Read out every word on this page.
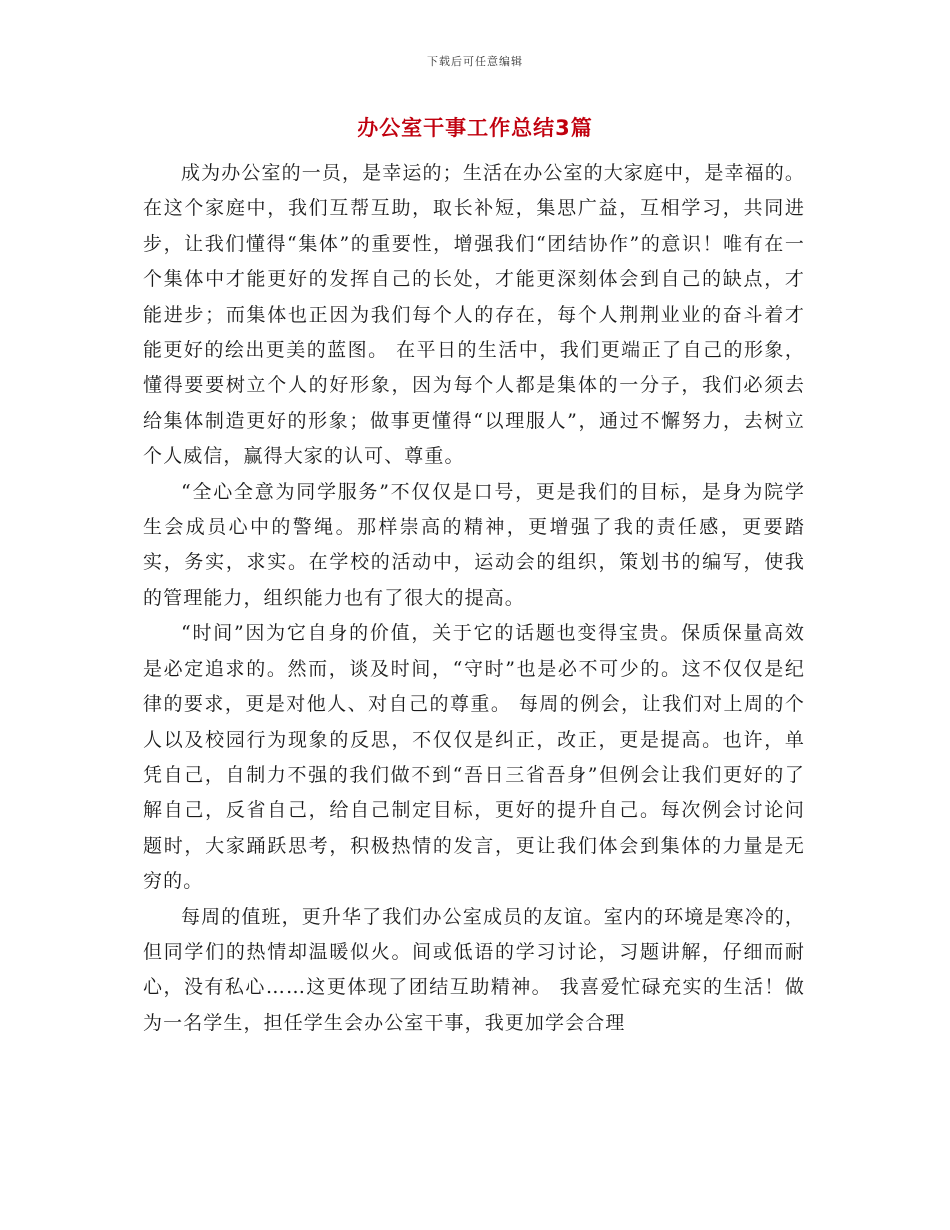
下载后可任意编辑
办公室干事工作总结3篇

成为办公室的一员，是幸运的；生活在办公室的大家庭中，是幸福的。在这个家庭中，我们互帮互助，取长补短，集思广益，互相学习，共同进步，让我们懂得“集体”的重要性，增强我们“团结协作”的意识！唯有在一个集体中才能更好的发挥自己的长处，才能更深刻体会到自己的缺点，才能进步；而集体也正因为我们每个人的存在，每个人荆荆业业的奋斗着才能更好的绘出更美的蓝图。 在平日的生活中，我们更端正了自己的形象，懂得要要树立个人的好形象，因为每个人都是集体的一分子，我们必须去给集体制造更好的形象；做事更懂得“以理服人”，通过不懈努力，去树立个人威信，赢得大家的认可、尊重。

“全心全意为同学服务”不仅仅是口号，更是我们的目标，是身为院学生会成员心中的警绳。那样崇高的精神，更增强了我的责任感，更要踏实，务实，求实。在学校的活动中，运动会的组织，策划书的编写，使我的管理能力，组织能力也有了很大的提高。

“时间”因为它自身的价值，关于它的话题也变得宝贵。保质保量高效是必定追求的。然而，谈及时间，“守时”也是必不可少的。这不仅仅是纪律的要求，更是对他人、对自己的尊重。 每周的例会，让我们对上周的个人以及校园行为现象的反思，不仅仅是纠正，改正，更是提高。也许，单凭自己，自制力不强的我们做不到“吾日三省吾身”但例会让我们更好的了解自己，反省自己，给自己制定目标，更好的提升自己。每次例会讨论问题时，大家踊跃思考，积极热情的发言，更让我们体会到集体的力量是无穷的。

每周的值班，更升华了我们办公室成员的友谊。室内的环境是寒冷的，但同学们的热情却温暖似火。间或低语的学习讨论，习题讲解，仔细而耐心，没有私心……这更体现了团结互助精神。 我喜爱忙碌充实的生活！做为一名学生，担任学生会办公室干事，我更加学会合理
